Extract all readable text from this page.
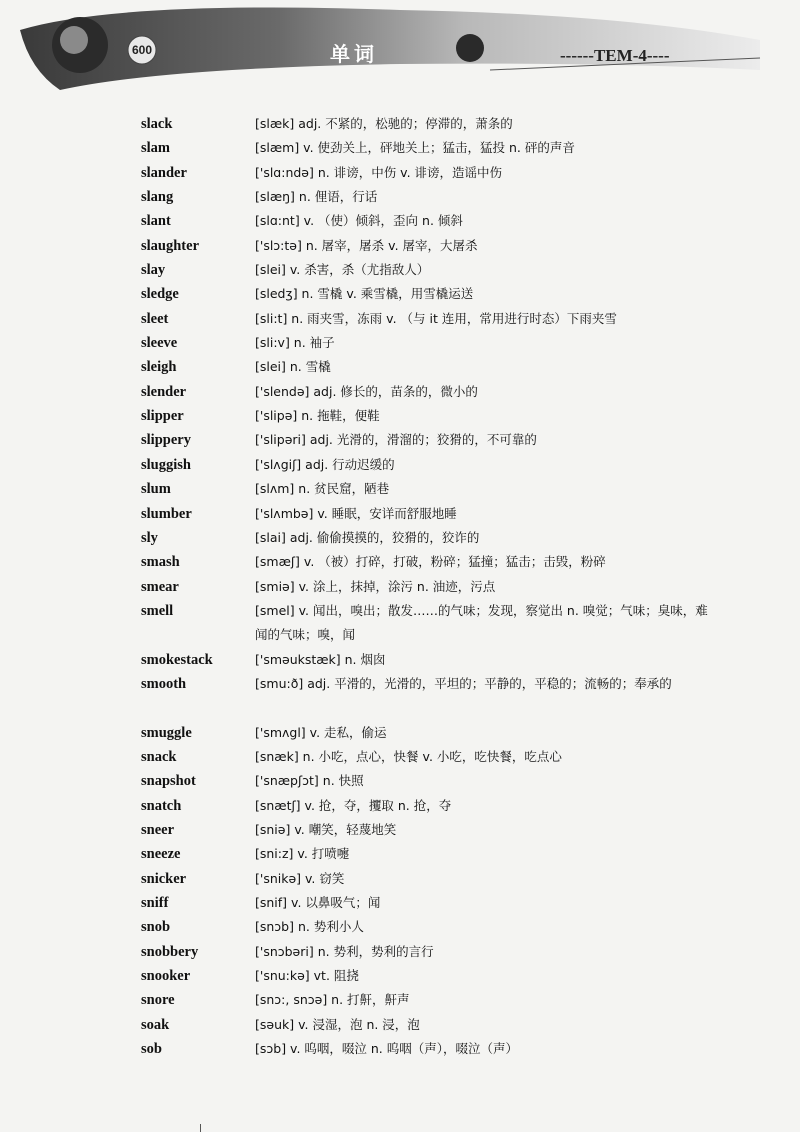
600	单词	------TEM-4----
slack	[slæk] adj. 不紧的，松驰的；停滞的，萧条的
slam	[slæm] v. 使劲关上，砰地关上；猛击，猛投 n. 砰的声音
slander	['slɑ:ndə] n. 诽谤，中伤 v. 诽谤，造谣中伤
slang	[slæŋ] n. 俚语，行话
slant	[slɑ:nt] v. （使）倾斜，歪向 n. 倾斜
slaughter	['slɔ:tə] n. 屠宰，屠杀 v. 屠宰，大屠杀
slay	[slei] v. 杀害，杀（尤指敌人）
sledge	[sledʒ] n. 雪橇 v. 乘雪橇，用雪橇运送
sleet	[sli:t] n. 雨夹雪，冻雨 v. （与 it 连用，常用进行时态）下雨夹雪
sleeve	[sli:v] n. 袖子
sleigh	[slei] n. 雪橇
slender	['slendə] adj. 修长的，苗条的，微小的
slipper	['slipə] n. 拖鞋，便鞋
slippery	['slipəri] adj. 光滑的，滑溜的；狡猾的，不可靠的
sluggish	['slʌgiʃ] adj. 行动迟缓的
slum	[slʌm] n. 贫民窟，陋巷
slumber	['slʌmbə] v. 睡眠，安详而舒服地睡
sly	[slai] adj. 偷偷摸摸的，狡猾的，狡诈的
smash	[smæʃ] v. （被）打碎，打破，粉碎；猛撞；猛击；击毁，粉碎
smear	[smiə] v. 涂上，抹掉，涂污 n. 油迹，污点
smell	[smel] v. 闻出，嗅出；散发……的气味；发现，察觉出 n. 嗅觉；气味；臭味，难闻的气味；嗅，闻
smokestack	['sməukstæk] n. 烟囱
smooth	[smu:ð] adj. 平滑的，光滑的，平坦的；平静的，平稳的；流畅的；奉承的
smuggle	['smʌgl] v. 走私，偷运
snack	[snæk] n. 小吃，点心，快餐 v. 小吃，吃快餐，吃点心
snapshot	['snæpʃɔt] n. 快照
snatch	[snætʃ] v. 抢，夺，攫取 n. 抢，夺
sneer	[sniə] v. 嘲笑，轻蔑地笑
sneeze	[sni:z] v. 打喷嚏
snicker	['snikə] v. 窃笑
sniff	[snif] v. 以鼻吸气；闻
snob	[snɔb] n. 势利小人
snobbery	['snɔbəri] n. 势利，势利的言行
snooker	['snu:kə] vt. 阻挠
snore	[snɔ:, snɔə] n. 打鼾，鼾声
soak	[səuk] v. 浸湿，泡 n. 浸，泡
sob	[sɔb] v. 呜咽，啜泣 n. 呜咽（声），啜泣（声）
